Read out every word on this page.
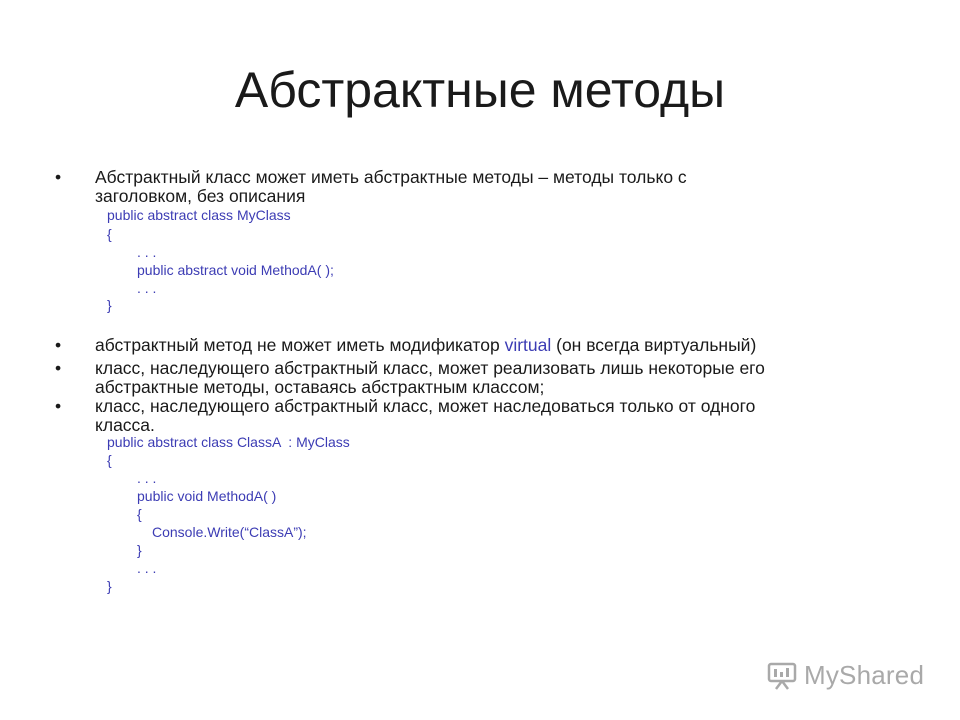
Абстрактные методы
• Абстрактный класс может иметь абстрактные методы – методы только с
заголовком, без описания
public abstract class MyClass
{
. . .
public abstract void MethodA( );
. . .
}
• абстрактный метод не может иметь модификатор virtual (он всегда виртуальный)
• класс, наследующего абстрактный класс, может реализовать лишь некоторые его
абстрактные методы, оставаясь абстрактным классом;
• класс, наследующего абстрактный класс, может наследоваться только от одного
класса.
public abstract class ClassA  : MyClass
{
. . .
public void MethodA( )
{
Console.Write(“ClassA”);
}
. . .
}
MyShared
